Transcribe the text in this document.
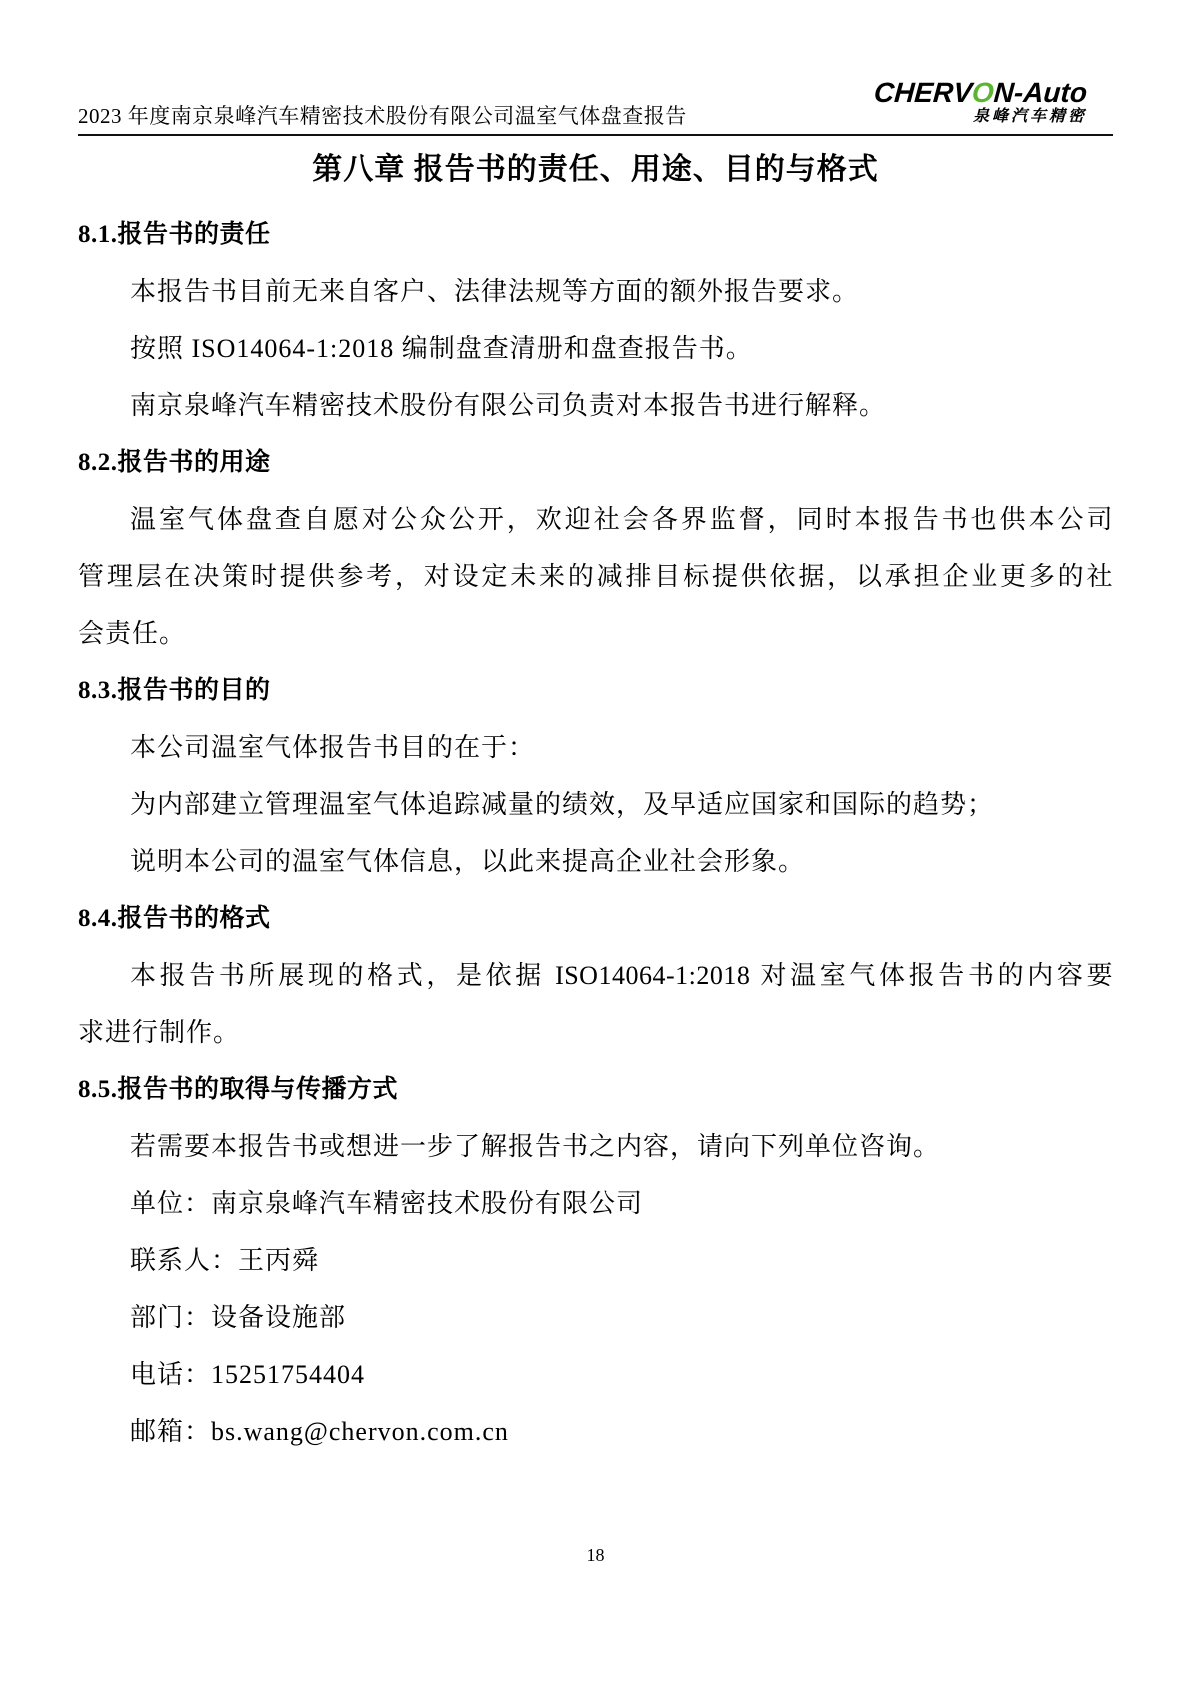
2023 年度南京泉峰汽车精密技术股份有限公司温室气体盘查报告
CHERVON-Auto
泉峰汽车精密
第八章 报告书的责任、用途、目的与格式
8.1.报告书的责任
本报告书目前无来自客户、法律法规等方面的额外报告要求。
按照 ISO14064-1:2018 编制盘查清册和盘查报告书。
南京泉峰汽车精密技术股份有限公司负责对本报告书进行解释。
8.2.报告书的用途
温室气体盘查自愿对公众公开，欢迎社会各界监督，同时本报告书也供本公司
管理层在决策时提供参考，对设定未来的减排目标提供依据，以承担企业更多的社
会责任。
8.3.报告书的目的
本公司温室气体报告书目的在于：
为内部建立管理温室气体追踪减量的绩效，及早适应国家和国际的趋势；
说明本公司的温室气体信息，以此来提高企业社会形象。
8.4.报告书的格式
本报告书所展现的格式，是依据 ISO14064-1:2018 对温室气体报告书的内容要
求进行制作。
8.5.报告书的取得与传播方式
若需要本报告书或想进一步了解报告书之内容，请向下列单位咨询。
单位：南京泉峰汽车精密技术股份有限公司
联系人：王丙舜
部门：设备设施部
电话：15251754404
邮箱：bs.wang@chervon.com.cn
18
